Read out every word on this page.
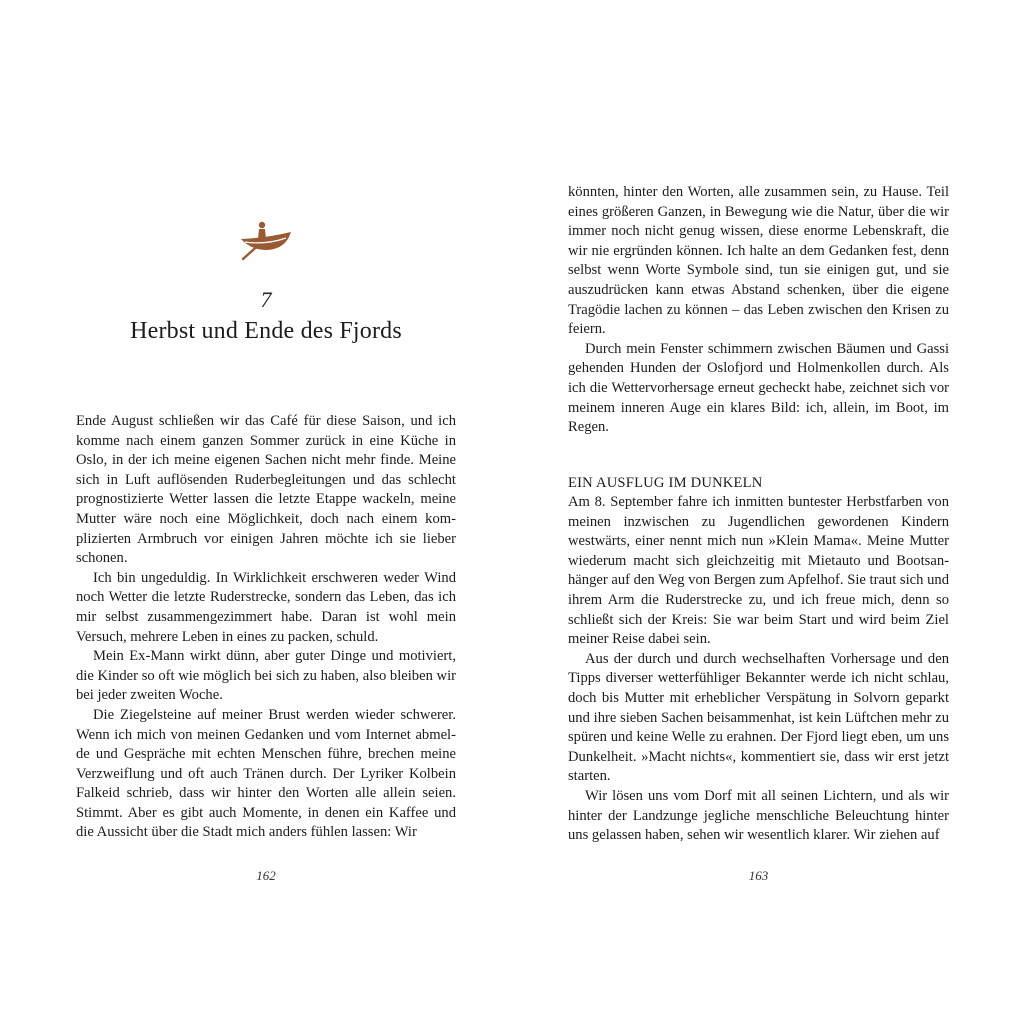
7
Herbst und Ende des Fjords

Ende August schließen wir das Café für diese Saison, und ich komme nach einem ganzen Sommer zurück in eine Küche in Oslo, in der ich meine eigenen Sachen nicht mehr finde. Meine sich in Luft auflösenden Ruderbegleitungen und das schlecht prognostizierte Wetter lassen die letzte Etappe wackeln, meine Mutter wäre noch eine Möglichkeit, doch nach einem komplizierten Armbruch vor einigen Jahren möchte ich sie lieber schonen.

Ich bin ungeduldig. In Wirklichkeit erschweren weder Wind noch Wetter die letzte Ruderstrecke, sondern das Leben, das ich mir selbst zusammengezimmert habe. Daran ist wohl mein Versuch, mehrere Leben in eines zu packen, schuld.

Mein Ex-Mann wirkt dünn, aber guter Dinge und motiviert, die Kinder so oft wie möglich bei sich zu haben, also bleiben wir bei jeder zweiten Woche.

Die Ziegelsteine auf meiner Brust werden wieder schwerer. Wenn ich mich von meinen Gedanken und vom Internet abmelde und Gespräche mit echten Menschen führe, brechen meine Verzweiflung und oft auch Tränen durch. Der Lyriker Kolbein Falkeid schrieb, dass wir hinter den Worten alle allein seien. Stimmt. Aber es gibt auch Momente, in denen ein Kaffee und die Aussicht über die Stadt mich anders fühlen lassen: Wir

162

könnten, hinter den Worten, alle zusammen sein, zu Hause. Teil eines größeren Ganzen, in Bewegung wie die Natur, über die wir immer noch nicht genug wissen, diese enorme Lebenskraft, die wir nie ergründen können. Ich halte an dem Gedanken fest, denn selbst wenn Worte Symbole sind, tun sie einigen gut, und sie auszudrücken kann etwas Abstand schenken, über die eigene Tragödie lachen zu können – das Leben zwischen den Krisen zu feiern.

Durch mein Fenster schimmern zwischen Bäumen und Gassi gehenden Hunden der Oslofjord und Holmenkollen durch. Als ich die Wettervorhersage erneut gecheckt habe, zeichnet sich vor meinem inneren Auge ein klares Bild: ich, allein, im Boot, im Regen.

EIN AUSFLUG IM DUNKELN

Am 8. September fahre ich inmitten buntester Herbstfarben von meinen inzwischen zu Jugendlichen gewordenen Kindern westwärts, einer nennt mich nun »Klein Mama«. Meine Mutter wiederum macht sich gleichzeitig mit Mietauto und Bootsanhänger auf den Weg von Bergen zum Apfelhof. Sie traut sich und ihrem Arm die Ruderstrecke zu, und ich freue mich, denn so schließt sich der Kreis: Sie war beim Start und wird beim Ziel meiner Reise dabei sein.

Aus der durch und durch wechselhaften Vorhersage und den Tipps diverser wetterfühliger Bekannter werde ich nicht schlau, doch bis Mutter mit erheblicher Verspätung in Solvorn geparkt und ihre sieben Sachen beisammenhat, ist kein Lüftchen mehr zu spüren und keine Welle zu erahnen. Der Fjord liegt eben, um uns Dunkelheit. »Macht nichts«, kommentiert sie, dass wir erst jetzt starten.

Wir lösen uns vom Dorf mit all seinen Lichtern, und als wir hinter der Landzunge jegliche menschliche Beleuchtung hinter uns gelassen haben, sehen wir wesentlich klarer. Wir ziehen auf

163
